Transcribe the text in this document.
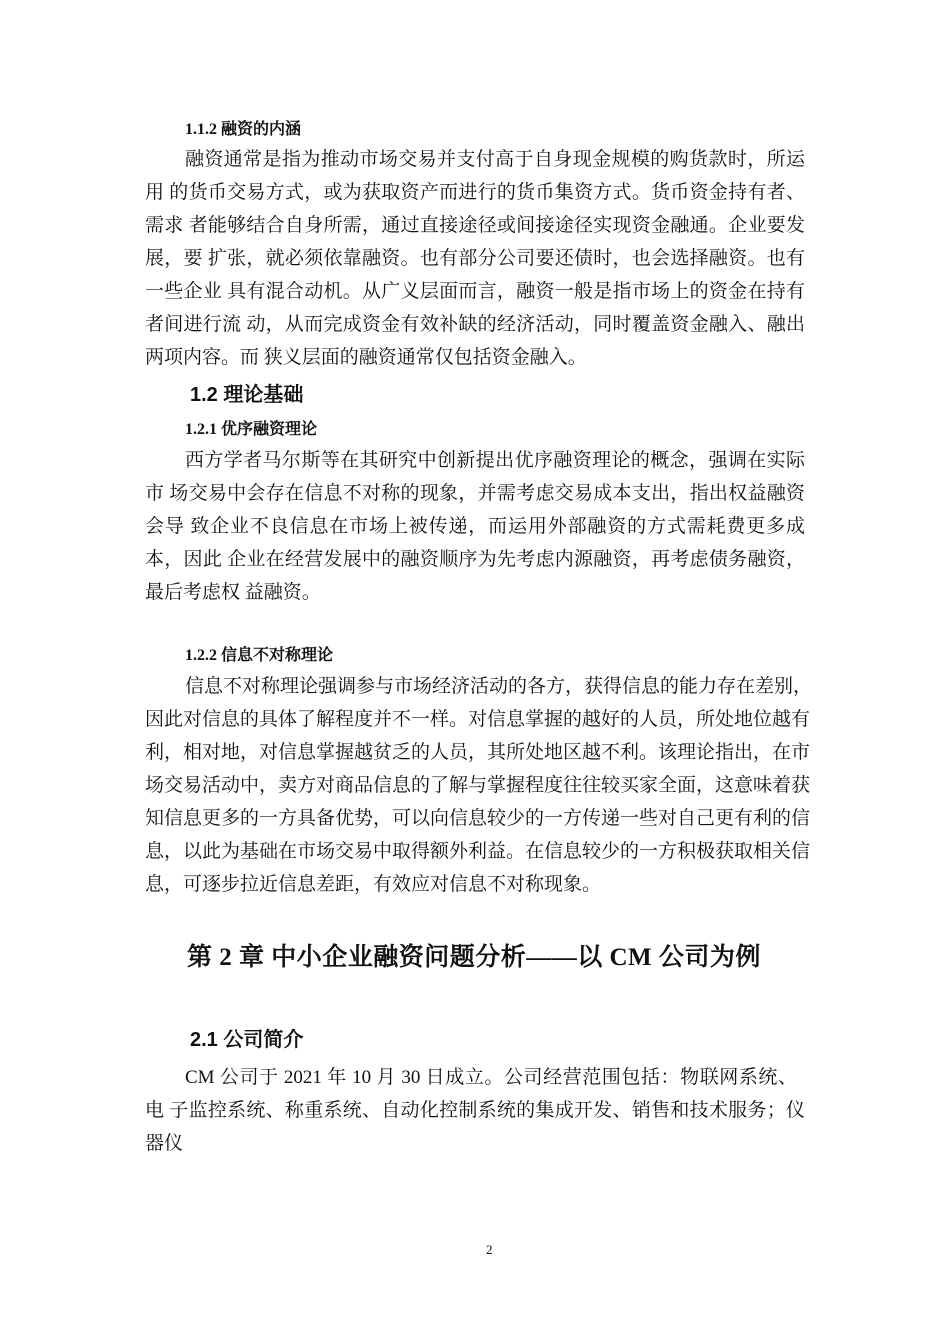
1.1.2 融资的内涵
融资通常是指为推动市场交易并支付高于自身现金规模的购货款时，所运
用 的货币交易方式，或为获取资产而进行的货币集资方式。货币资金持有者、
需求 者能够结合自身所需，通过直接途径或间接途径实现资金融通。企业要发
展，要 扩张，就必须依靠融资。也有部分公司要还债时，也会选择融资。也有
一些企业 具有混合动机。从广义层面而言，融资一般是指市场上的资金在持有
者间进行流 动，从而完成资金有效补缺的经济活动，同时覆盖资金融入、融出
两项内容。而 狭义层面的融资通常仅包括资金融入。
1.2 理论基础
1.2.1 优序融资理论
西方学者马尔斯等在其研究中创新提出优序融资理论的概念，强调在实际
市 场交易中会存在信息不对称的现象，并需考虑交易成本支出，指出权益融资
会导 致企业不良信息在市场上被传递，而运用外部融资的方式需耗费更多成
本，因此 企业在经营发展中的融资顺序为先考虑内源融资，再考虑债务融资，
最后考虑权 益融资。
1.2.2 信息不对称理论
信息不对称理论强调参与市场经济活动的各方，获得信息的能力存在差别，
因此对信息的具体了解程度并不一样。对信息掌握的越好的人员，所处地位越有
利，相对地，对信息掌握越贫乏的人员，其所处地区越不利。该理论指出，在市
场交易活动中，卖方对商品信息的了解与掌握程度往往较买家全面，这意味着获
知信息更多的一方具备优势，可以向信息较少的一方传递一些对自己更有利的信
息，以此为基础在市场交易中取得额外利益。在信息较少的一方积极获取相关信
息，可逐步拉近信息差距，有效应对信息不对称现象。
第 2 章 中小企业融资问题分析——以 CM 公司为例
2.1 公司简介
CM 公司于 2021 年 10 月 30 日成立。公司经营范围包括：物联网系统、
电 子监控系统、称重系统、自动化控制系统的集成开发、销售和技术服务；仪
器仪
2
